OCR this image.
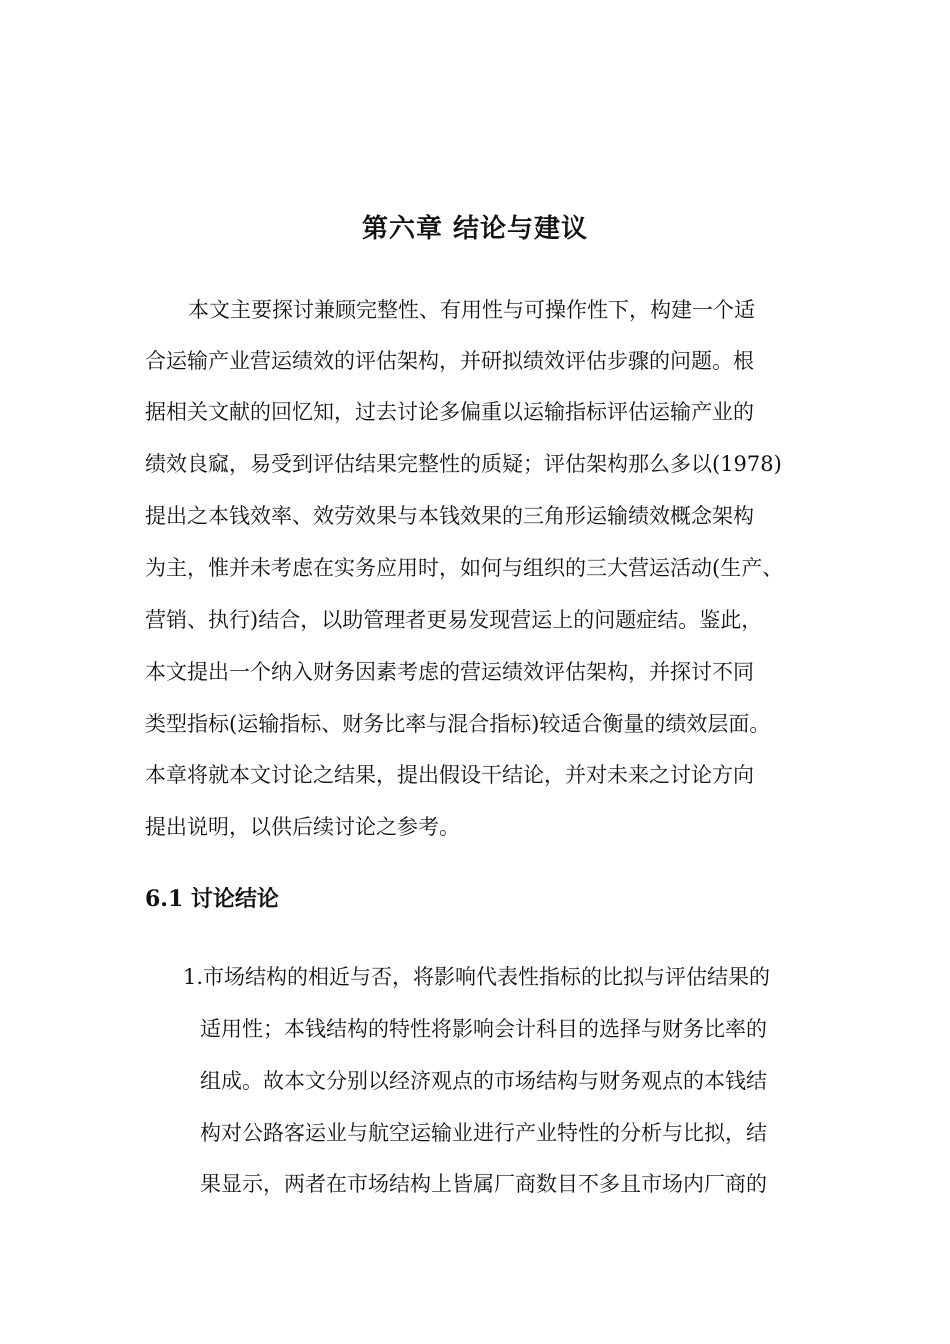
第六章 结论与建议

本文主要探讨兼顾完整性、有用性与可操作性下，构建一个适

合运输产业营运绩效的评估架构，并研拟绩效评估步骤的问题。根

据相关文献的回忆知，过去讨论多偏重以运输指标评估运输产业的

绩效良窳，易受到评估结果完整性的质疑；评估架构那么多以(1978)

提出之本钱效率、效劳效果与本钱效果的三角形运输绩效概念架构

为主，惟并未考虑在实务应用时，如何与组织的三大营运活动(生产、

营销、执行)结合，以助管理者更易发现营运上的问题症结。鉴此，

本文提出一个纳入财务因素考虑的营运绩效评估架构，并探讨不同

类型指标(运输指标、财务比率与混合指标)较适合衡量的绩效层面。

本章将就本文讨论之结果，提出假设干结论，并对未来之讨论方向

提出说明，以供后续讨论之参考。

6.1 讨论结论

1.市场结构的相近与否，将影响代表性指标的比拟与评估结果的

适用性；本钱结构的特性将影响会计科目的选择与财务比率的

组成。故本文分别以经济观点的市场结构与财务观点的本钱结

构对公路客运业与航空运输业进行产业特性的分析与比拟，结

果显示，两者在市场结构上皆属厂商数目不多且市场内厂商的
